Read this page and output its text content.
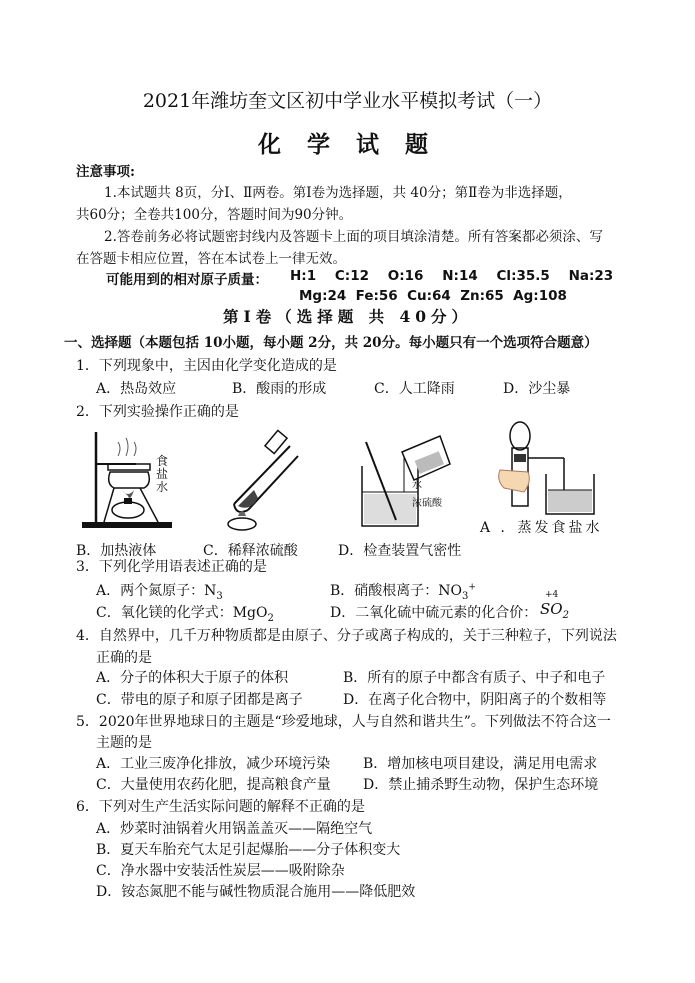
2021年潍坊奎文区初中学业水平模拟考试（一）
化 学 试 题
注意事项:
1.本试题共 8页，分Ⅰ、Ⅱ两卷。第Ⅰ卷为选择题，共 40分；第Ⅱ卷为非选择题，
共60分；全卷共100分，答题时间为90分钟。
2.答卷前务必将试题密封线内及答题卡上面的项目填涂清楚。所有答案都必须涂、写
在答题卡相应位置，答在本试卷上一律无效。
可能用到的相对原子质量： H:1    C:12    O:16    N:14    Cl:35.5    Na:23
Mg:24  Fe:56  Cu:64  Zn:65  Ag:108
第Ⅰ卷（选择题 共 40分）
一、选择题（本题包括 10小题，每小题 2分，共 20分。每小题只有一个选项符合题意）
1．下列现象中，主因由化学变化造成的是
A．热岛效应	B．酸雨的形成	C．人工降雨	D．沙尘暴
2．下列实验操作正确的是
食
盐
水	水
浓硫酸
A ．蒸发食盐水
B．加热液体	C．稀释浓硫酸	D．检查装置气密性
3．下列化学用语表述正确的是
A．两个氮原子：$N_3$	B．硝酸根离子：$NO_3^+$
C．氧化镁的化学式：MgO$_2$	D．二氧化硫中硫元素的化合价：
+4
$SO_2$
4．自然界中，几千万种物质都是由原子、分子或离子构成的，关于三种粒子，下列说法
正确的是
A．分子的体积大于原子的体积	B．所有的原子中都含有质子、中子和电子
C．带电的原子和原子团都是离子	D．在离子化合物中，阴阳离子的个数相等
5．2020年世界地球日的主题是“珍爱地球，人与自然和谐共生”。下列做法不符合这一
主题的是
A．工业三废净化排放，减少环境污染 B．增加核电项目建设，满足用电需求
C．大量使用农药化肥，提高粮食产量 D．禁止捕杀野生动物，保护生态环境
6．下列对生产生活实际问题的解释不正确的是
A．炒菜时油锅着火用锅盖盖灭——隔绝空气
B．夏天车胎充气太足引起爆胎——分子体积变大
C．净水器中安装活性炭层——吸附除杂
D．铵态氮肥不能与碱性物质混合施用——降低肥效
